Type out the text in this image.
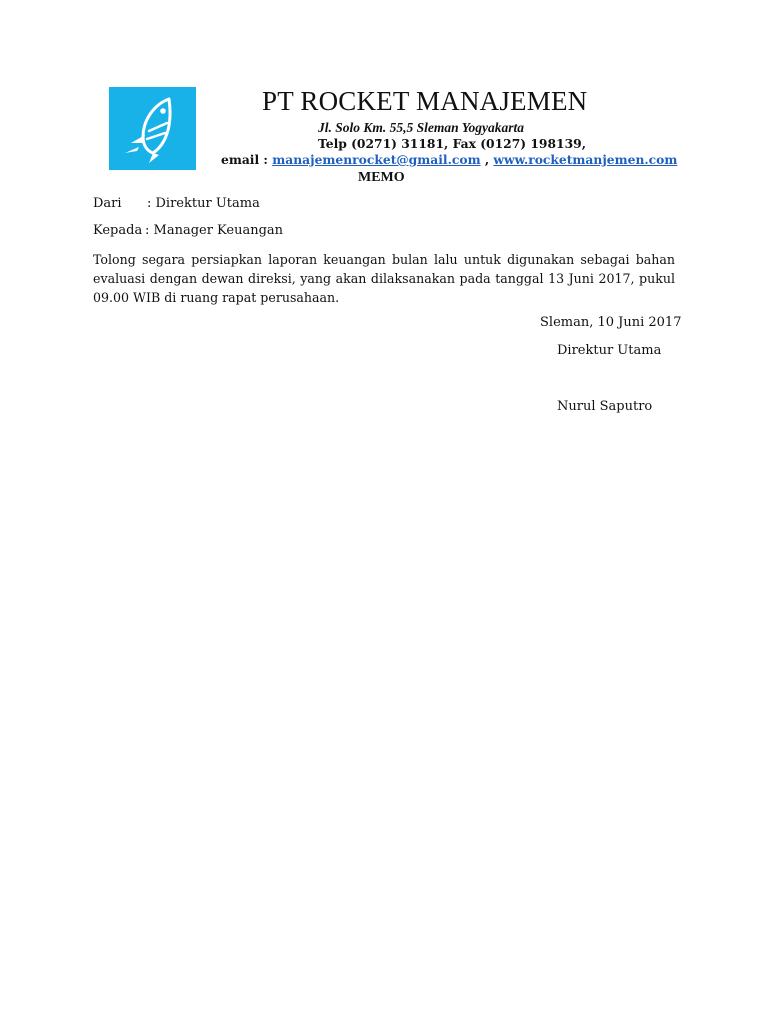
PT ROCKET MANAJEMEN
Jl. Solo Km. 55,5 Sleman Yogyakarta
Telp (0271) 31181, Fax (0127) 198139,
email : manajemenrocket@gmail.com , www.rocketmanjemen.com
MEMO
Dari : Direktur Utama
Kepada : Manager Keuangan
Tolong segara persiapkan laporan keuangan bulan lalu untuk digunakan sebagai bahan
evaluasi dengan dewan direksi, yang akan dilaksanakan pada tanggal 13 Juni 2017, pukul
09.00 WIB di ruang rapat perusahaan.
Sleman, 10 Juni 2017
Direktur Utama
Nurul Saputro
